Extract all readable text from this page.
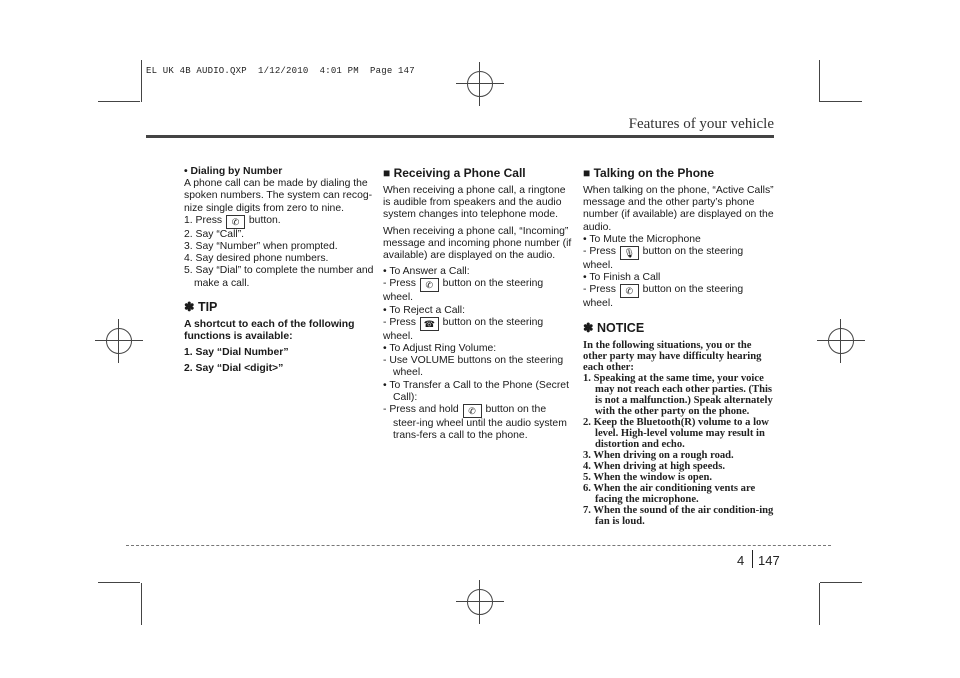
EL UK 4B AUDIO.QXP  1/12/2010  4:01 PM  Page 147
Features of your vehicle

• Dialing by Number

A phone call can be made by dialing the spoken numbers. The system can recog-nize single digits from zero to nine.

1. Press ✆ button.

2. Say “Call”.

3. Say “Number” when prompted.

4. Say desired phone numbers.

5. Say “Dial” to complete the number and make a call.

✽ TIP

A shortcut to each of the following functions is available:

1. Say “Dial Number”

2. Say “Dial <digit>”

■ Receiving a Phone Call

When receiving a phone call, a ringtone is audible from speakers and the audio system changes into telephone mode.

When receiving a phone call, “Incoming” message and incoming phone number (if available) are displayed on the audio.

• To Answer a Call:

- Press ✆ button on the steering wheel.

• To Reject a Call:

- Press ☎ button on the steering wheel.

• To Adjust Ring Volume:

- Use VOLUME buttons on the steering wheel.

• To Transfer a Call to the Phone (Secret Call):

- Press and hold ✆ button on the steer-ing wheel until the audio system trans-fers a call to the phone.

■ Talking on the Phone

When talking on the phone, “Active Calls” message and the other party’s phone number (if available) are displayed on the audio.

• To Mute the Microphone

- Press 🎙 button on the steering wheel.

• To Finish a Call

- Press ✆ button on the steering wheel.

✽ NOTICE

In the following situations, you or the other party may have difficulty hearing each other:

1. Speaking at the same time, your voice may not reach each other parties. (This is not a malfunction.) Speak alternately with the other party on the phone.

2. Keep the Bluetooth(R) volume to a low level. High-level volume may result in distortion and echo.

3. When driving on a rough road.

4. When driving at high speeds.

5. When the window is open.

6. When the air conditioning vents are facing the microphone.

7. When the sound of the air condition-ing fan is loud.

4 147
